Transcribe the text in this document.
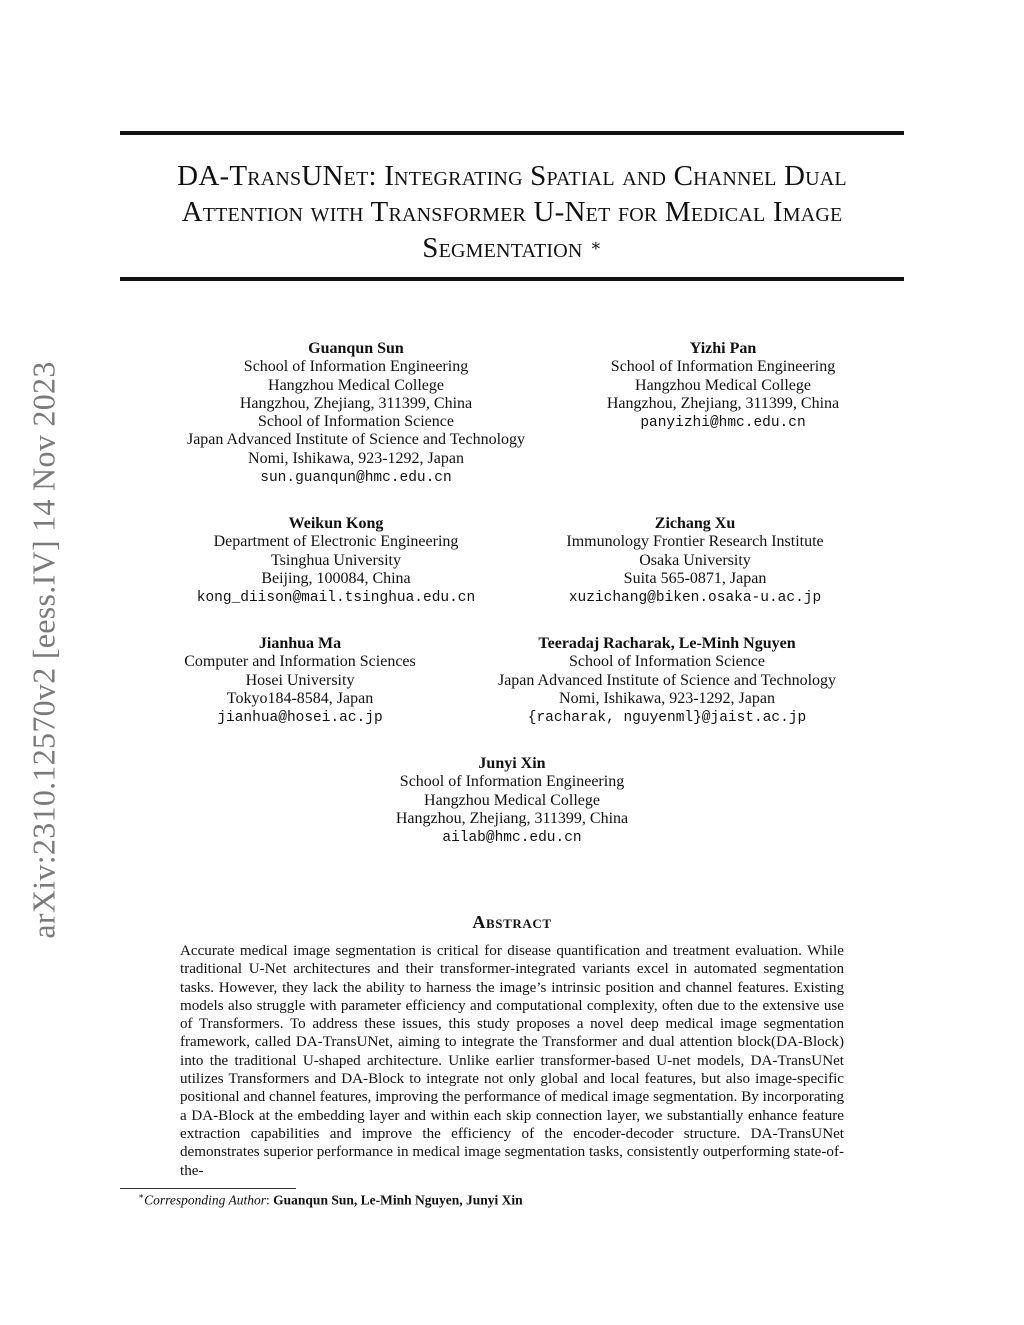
arXiv:2310.12570v2 [eess.IV] 14 Nov 2023
DA-TransUNet: Integrating Spatial and Channel Dual
Attention with Transformer U-Net for Medical Image
Segmentation ∗
Guanqun Sun
School of Information Engineering
Hangzhou Medical College
Hangzhou, Zhejiang, 311399, China
School of Information Science
Japan Advanced Institute of Science and Technology
Nomi, Ishikawa, 923-1292, Japan
sun.guanqun@hmc.edu.cn
Yizhi Pan
School of Information Engineering
Hangzhou Medical College
Hangzhou, Zhejiang, 311399, China
panyizhi@hmc.edu.cn
Weikun Kong
Department of Electronic Engineering
Tsinghua University
Beijing, 100084, China
kong_diison@mail.tsinghua.edu.cn
Zichang Xu
Immunology Frontier Research Institute
Osaka University
Suita 565-0871, Japan
xuzichang@biken.osaka-u.ac.jp
Jianhua Ma
Computer and Information Sciences
Hosei University
Tokyo184-8584, Japan
jianhua@hosei.ac.jp
Teeradaj Racharak, Le-Minh Nguyen
School of Information Science
Japan Advanced Institute of Science and Technology
Nomi, Ishikawa, 923-1292, Japan
{racharak, nguyenml}@jaist.ac.jp
Junyi Xin
School of Information Engineering
Hangzhou Medical College
Hangzhou, Zhejiang, 311399, China
ailab@hmc.edu.cn
Abstract
Accurate medical image segmentation is critical for disease quantification and treatment evaluation. While traditional U-Net architectures and their transformer-integrated variants excel in automated segmentation tasks. However, they lack the ability to harness the image’s intrinsic position and channel features. Existing models also struggle with parameter efficiency and computational complexity, often due to the extensive use of Transformers. To address these issues, this study proposes a novel deep medical image segmentation framework, called DA-TransUNet, aiming to integrate the Transformer and dual attention block(DA-Block) into the traditional U-shaped architecture. Unlike earlier transformer-based U-net models, DA-TransUNet utilizes Transformers and DA-Block to integrate not only global and local features, but also image-specific positional and channel features, improving the performance of medical image segmentation. By incorporating a DA-Block at the embedding layer and within each skip connection layer, we substantially enhance feature extraction capabilities and improve the efficiency of the encoder-decoder structure. DA-TransUNet demonstrates superior performance in medical image segmentation tasks, consistently outperforming state-of-the-
∗Corresponding Author: Guanqun Sun, Le-Minh Nguyen, Junyi Xin
